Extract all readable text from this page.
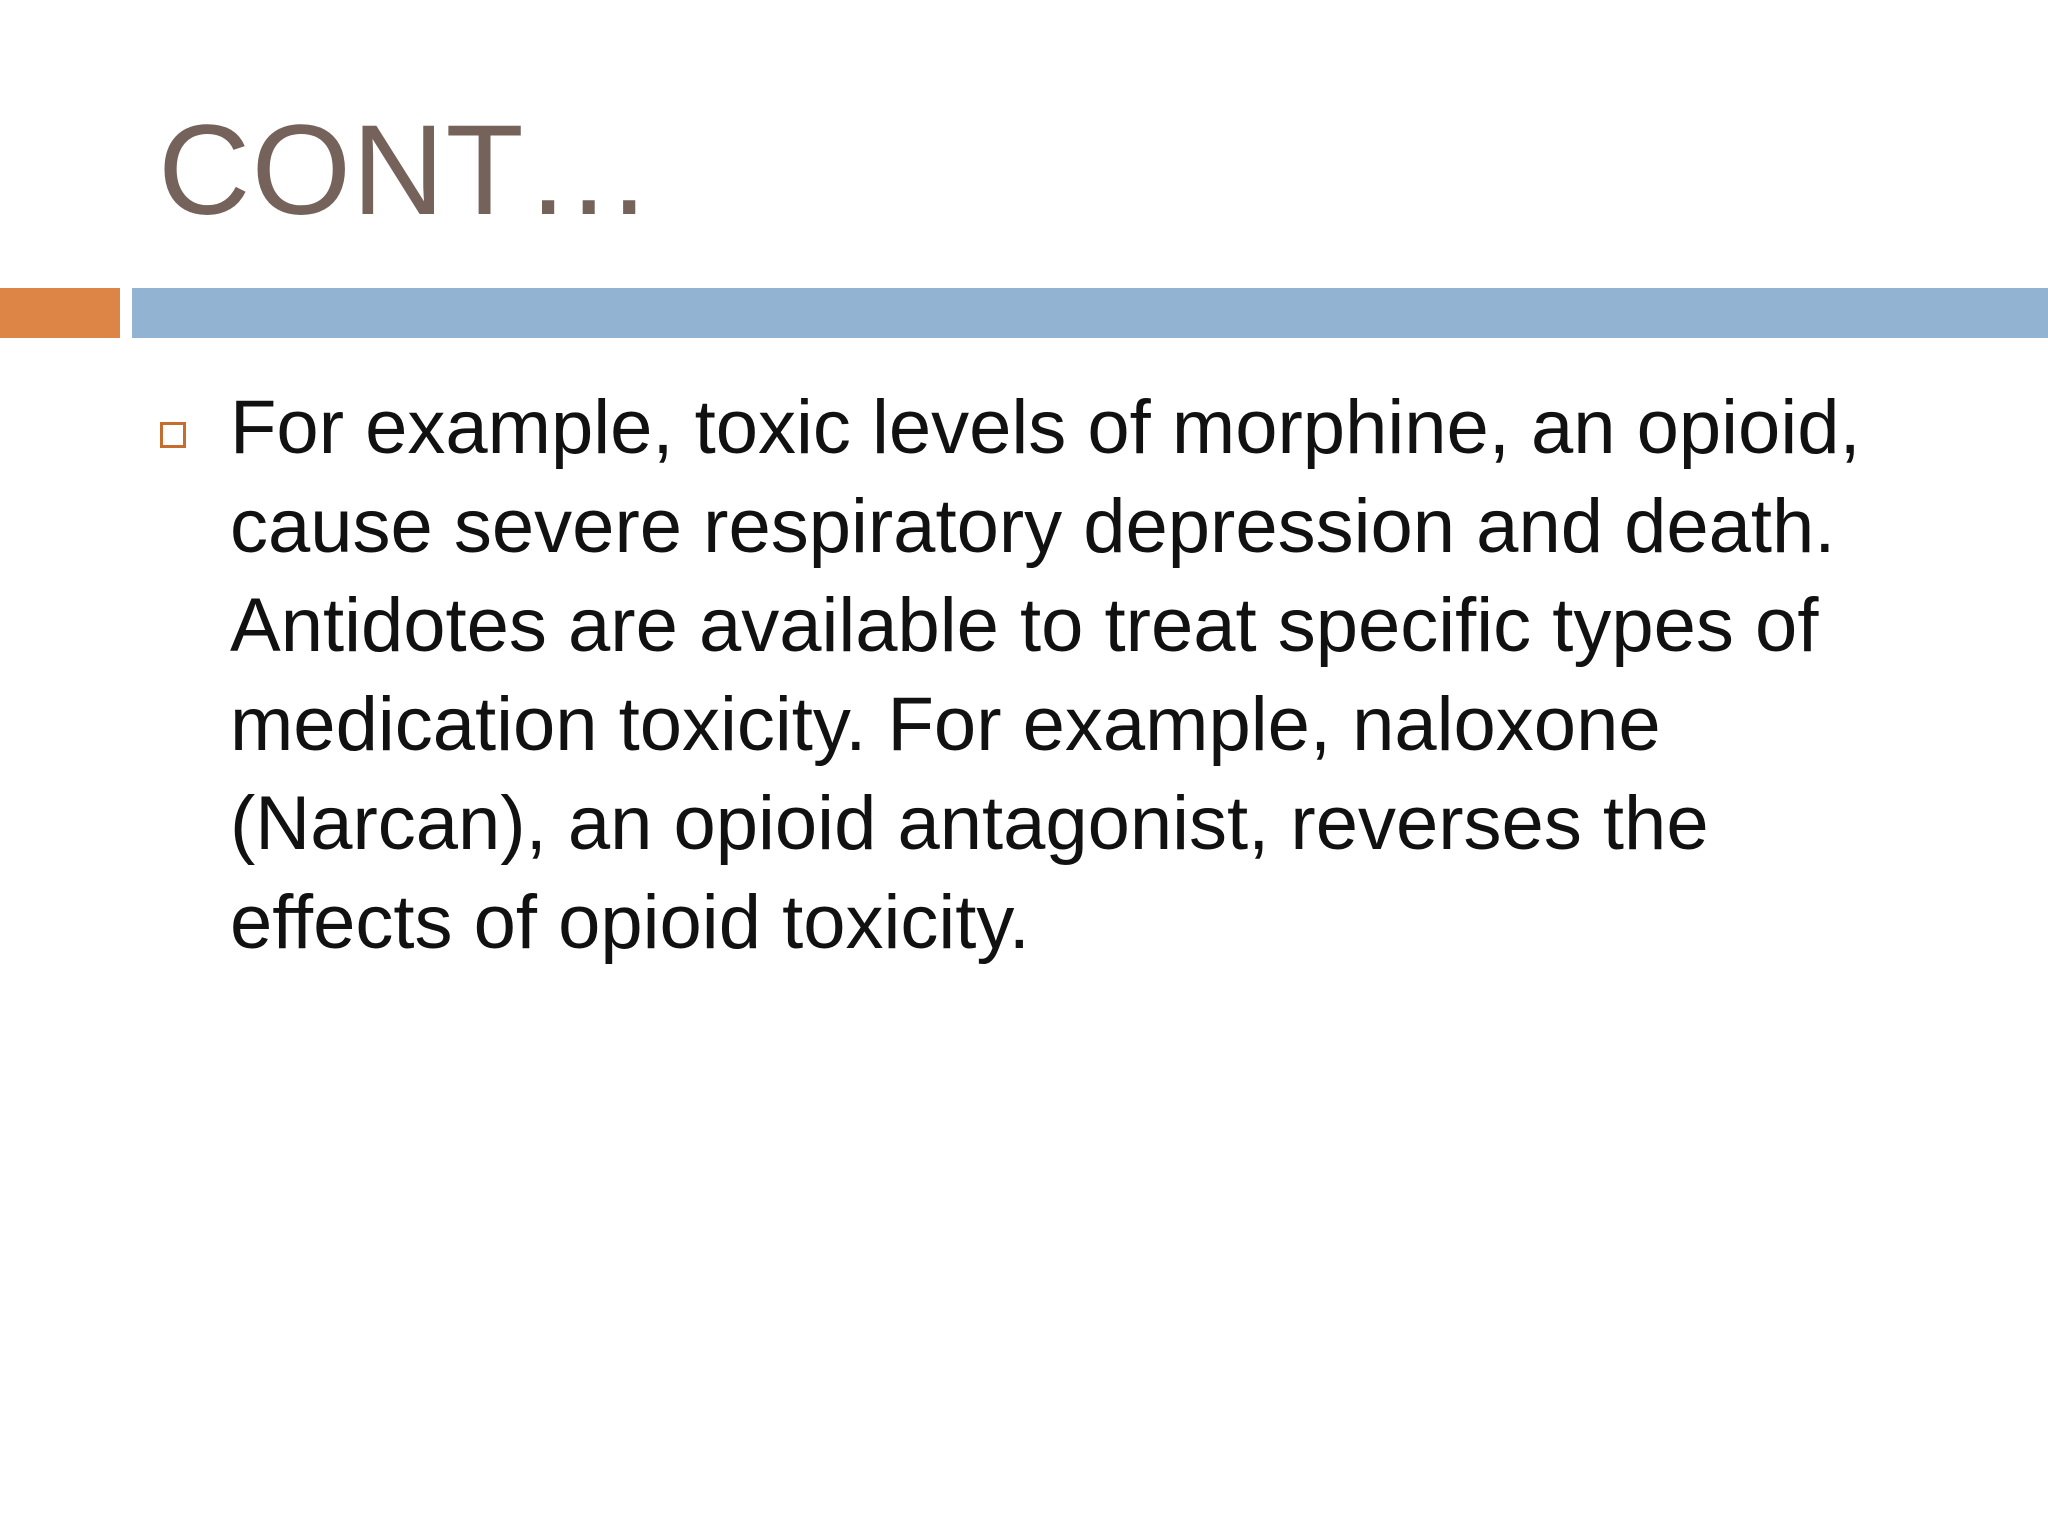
CONT…
For example, toxic levels of morphine, an opioid, cause severe respiratory depression and death. Antidotes are available to treat specific types of medication toxicity. For example, naloxone (Narcan), an opioid antagonist, reverses the effects of opioid toxicity.
